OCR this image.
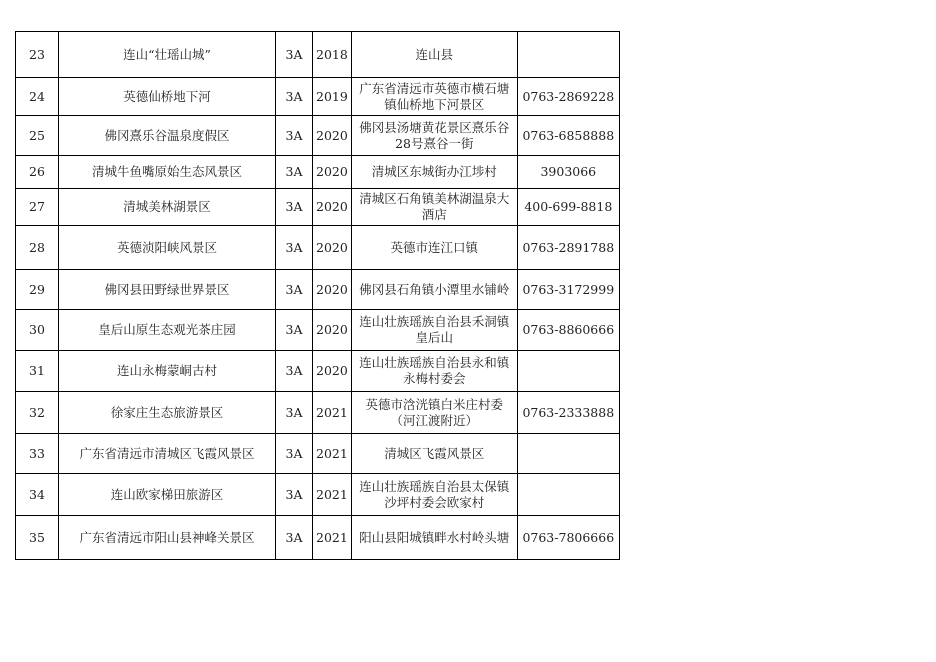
23	连山“壮瑶山城”	3A	2018	连山县	
24	英德仙桥地下河	3A	2019	广东省清远市英德市横石塘镇仙桥地下河景区	0763-2869228
25	佛冈熹乐谷温泉度假区	3A	2020	佛冈县汤塘黄花景区熹乐谷28号熹谷一街	0763-6858888
26	清城牛鱼嘴原始生态风景区	3A	2020	清城区东城街办江埗村	3903066
27	清城美林湖景区	3A	2020	清城区石角镇美林湖温泉大酒店	400-699-8818
28	英德浈阳峡风景区	3A	2020	英德市连江口镇	0763-2891788
29	佛冈县田野绿世界景区	3A	2020	佛冈县石角镇小潭里水铺岭	0763-3172999
30	皇后山原生态观光茶庄园	3A	2020	连山壮族瑶族自治县禾洞镇皇后山	0763-8860666
31	连山永梅蒙峒古村	3A	2020	连山壮族瑶族自治县永和镇永梅村委会	
32	徐家庄生态旅游景区	3A	2021	英德市浛洸镇白米庄村委（河江渡附近）	0763-2333888
33	广东省清远市清城区飞霞风景区	3A	2021	清城区飞霞风景区	
34	连山欧家梯田旅游区	3A	2021	连山壮族瑶族自治县太保镇沙坪村委会欧家村	
35	广东省清远市阳山县神峰关景区	3A	2021	阳山县阳城镇畔水村岭头塘	0763-7806666
